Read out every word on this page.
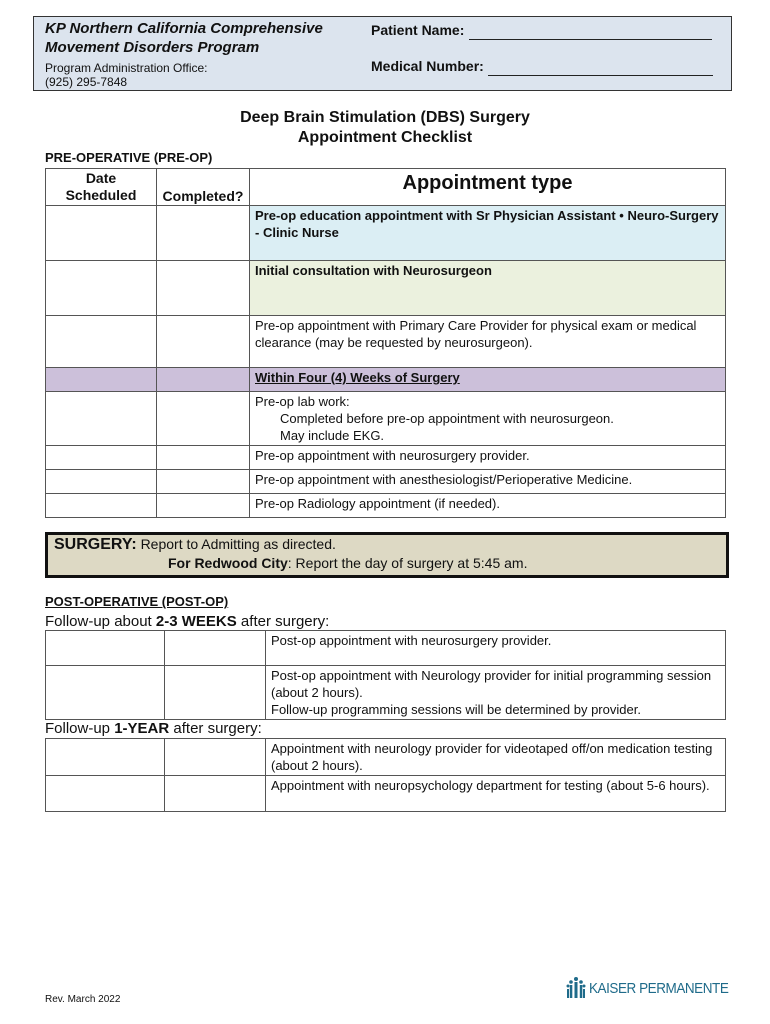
KP Northern California Comprehensive
Movement Disorders Program
Program Administration Office:
(925) 295-7848
Patient Name:
Medical Number:
Deep Brain Stimulation (DBS) Surgery
Appointment Checklist
PRE-OPERATIVE (PRE-OP)
Date
Scheduled	Completed?	Appointment type
		Pre-op education appointment with Sr Physician Assistant • Neuro-Surgery - Clinic Nurse
		Initial consultation with Neurosurgeon
		Pre-op appointment with Primary Care Provider for physical exam or medical clearance (may be requested by neurosurgeon).
		Within Four (4) Weeks of Surgery

		Pre-op lab work:
Completed before pre-op appointment with neurosurgeon.
May include EKG.

		Pre-op appointment with neurosurgery provider.
		Pre-op appointment with anesthesiologist/Perioperative Medicine.
		Pre-op Radiology appointment (if needed).
SURGERY: Report to Admitting as directed.
For Redwood City: Report the day of surgery at 5:45 am.
POST-OPERATIVE (POST-OP)
Follow-up about 2-3 WEEKS after surgery:
		Post-op appointment with neurosurgery provider.

		Post-op appointment with Neurology provider for initial programming session (about 2 hours).
Follow-up programming sessions will be determined by provider.
Follow-up 1-YEAR after surgery:
		Appointment with neurology provider for videotaped off/on medication testing (about 2 hours).
		Appointment with neuropsychology department for testing (about 5-6 hours).
Rev. March 2022
KAISER PERMANENTE
